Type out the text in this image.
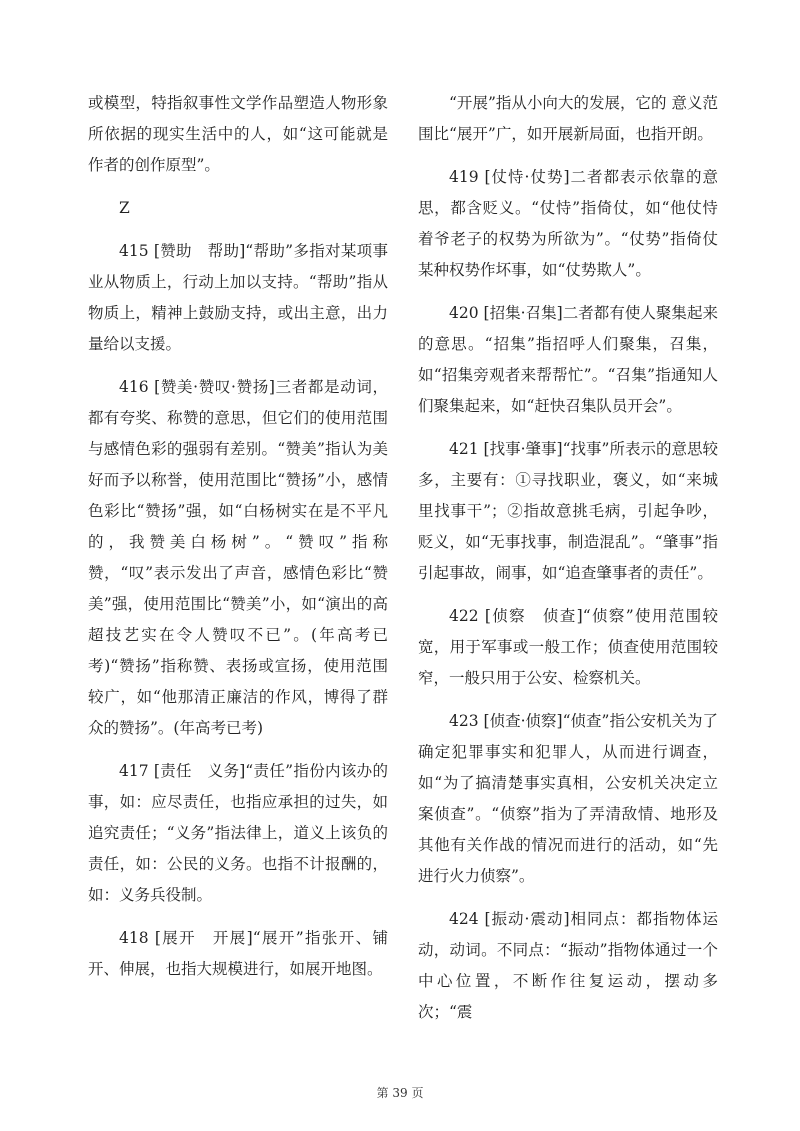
或模型，特指叙事性文学作品塑造人物形象所依据的现实生活中的人，如“这可能就是作者的创作原型”。

Z

415 [赞助　帮助]“帮助”多指对某项事业从物质上，行动上加以支持。“帮助”指从物质上，精神上鼓励支持，或出主意，出力量给以支援。

416 [赞美·赞叹·赞扬]三者都是动词，都有夸奖、称赞的意思，但它们的使用范围与感情色彩的强弱有差别。“赞美”指认为美好而予以称誉，使用范围比“赞扬”小，感情色彩比“赞扬”强，如“白杨树实在是不平凡的，我赞美白杨树”。“赞叹”指称赞，“叹”表示发出了声音，感情色彩比“赞美”强，使用范围比“赞美”小，如“演出的高超技艺实在令人赞叹不已”。(年高考已考)“赞扬”指称赞、表扬或宣扬，使用范围较广，如“他那清正廉洁的作风，博得了群众的赞扬”。(年高考已考)

417 [责任　义务]“责任”指份内该办的事，如：应尽责任，也指应承担的过失，如追究责任；“义务”指法律上，道义上该负的责任，如：公民的义务。也指不计报酬的，如：义务兵役制。

418 [展开　开展]“展开”指张开、铺开、伸展，也指大规模进行，如展开地图。

“开展”指从小向大的发展，它的 意义范围比“展开”广，如开展新局面，也指开朗。

419 [仗恃·仗势]二者都表示依靠的意思，都含贬义。“仗恃”指倚仗，如“他仗恃着爷老子的权势为所欲为”。“仗势”指倚仗某种权势作坏事，如“仗势欺人”。

420 [招集·召集]二者都有使人聚集起来的意思。“招集”指招呼人们聚集，召集，如“招集旁观者来帮帮忙”。“召集”指通知人们聚集起来，如“赶快召集队员开会”。

421 [找事·肇事]“找事”所表示的意思较多，主要有：①寻找职业，褒义，如“来城里找事干”；②指故意挑毛病，引起争吵，贬义，如“无事找事，制造混乱”。“肇事”指引起事故，闹事，如“追查肇事者的责任”。

422 [侦察　侦查]“侦察”使用范围较宽，用于军事或一般工作；侦查使用范围较窄，一般只用于公安、检察机关。

423 [侦查·侦察]“侦查”指公安机关为了确定犯罪事实和犯罪人，从而进行调查，如“为了搞清楚事实真相，公安机关决定立案侦查”。“侦察”指为了弄清敌情、地形及其他有关作战的情况而进行的活动，如“先进行火力侦察”。

424 [振动·震动]相同点：都指物体运动，动词。不同点：“振动”指物体通过一个中心位置，不断作往复运动，摆动多次；“震

第 39 页
